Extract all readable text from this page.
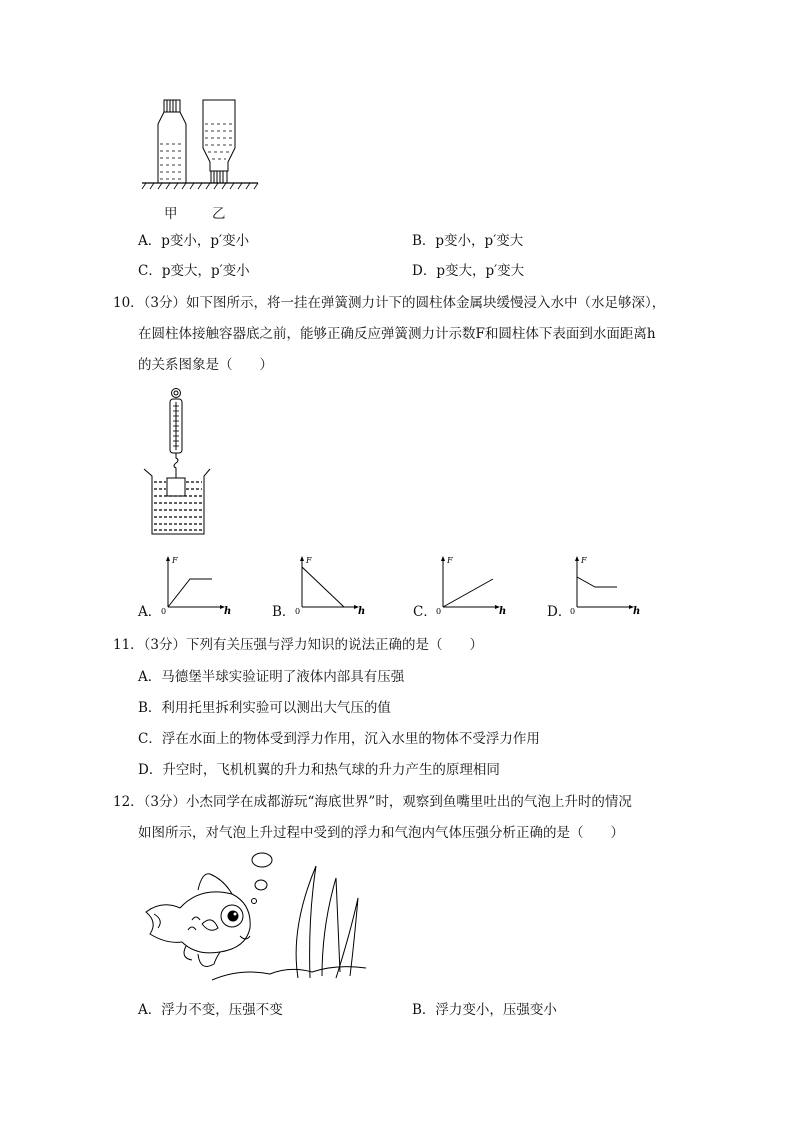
甲	乙
A．p变小，p′变小	B．p变小，p′变大
C．p变大，p′变小	D．p变大，p′变大
10．（3分）如下图所示，将一挂在弹簧测力计下的圆柱体金属块缓慢浸入水中（水足够深），
在圆柱体接触容器底之前，能够正确反应弹簧测力计示数F和圆柱体下表面到水面距离h
的关系图象是（　　）
A．
F
0	h	B．
F
0	h	C．
F
0	h	D．
F
0	h
11．（3分）下列有关压强与浮力知识的说法正确的是（　　）
A．马德堡半球实验证明了液体内部具有压强
B．利用托里拆利实验可以测出大气压的值
C．浮在水面上的物体受到浮力作用，沉入水里的物体不受浮力作用
D．升空时，飞机机翼的升力和热气球的升力产生的原理相同
12．（3分）小杰同学在成都游玩“海底世界”时，观察到鱼嘴里吐出的气泡上升时的情况
如图所示，对气泡上升过程中受到的浮力和气泡内气体压强分析正确的是（　　）
A．浮力不变，压强不变	B．浮力变小，压强变小
